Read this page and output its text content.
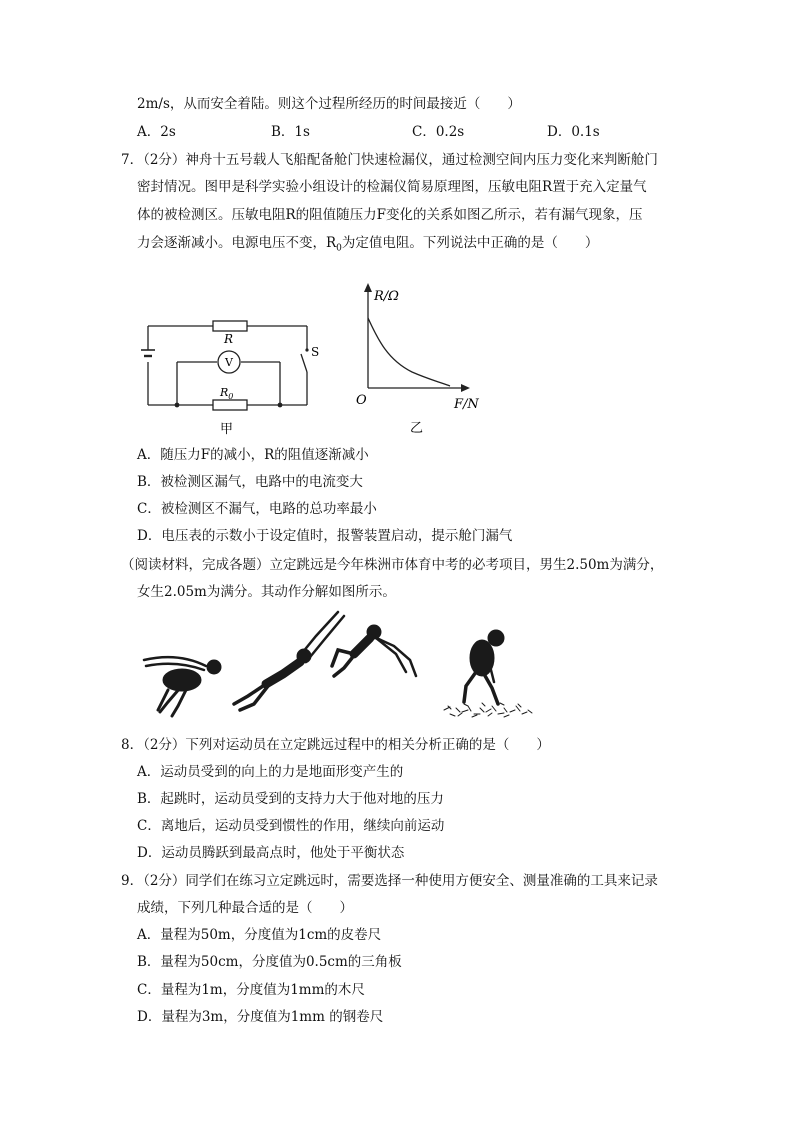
2m/s，从而安全着陆。则这个过程所经历的时间最接近（　　）
A．2s	B．1s	C．0.2s	D．0.1s
7．（2分）神舟十五号载人飞船配备舱门快速检漏仪，通过检测空间内压力变化来判断舱门
密封情况。图甲是科学实验小组设计的检漏仪简易原理图，压敏电阻R置于充入定量气
体的被检测区。压敏电阻R的阻值随压力F变化的关系如图乙所示，若有漏气现象，压
力会逐渐减小。电源电压不变，$R_0$为定值电阻。下列说法中正确的是（　　）
R
V
$R_0$
S
甲
R/Ω
F/N
O
乙
A．随压力F的减小，R的阻值逐渐减小
B．被检测区漏气，电路中的电流变大
C．被检测区不漏气，电路的总功率最小
D．电压表的示数小于设定值时，报警装置启动，提示舱门漏气
（阅读材料，完成各题）立定跳远是今年株洲市体育中考的必考项目，男生2.50m为满分，
女生2.05m为满分。其动作分解如图所示。
8．（2分）下列对运动员在立定跳远过程中的相关分析正确的是（　　）
A．运动员受到的向上的力是地面形变产生的
B．起跳时，运动员受到的支持力大于他对地的压力
C．离地后，运动员受到惯性的作用，继续向前运动
D．运动员腾跃到最高点时，他处于平衡状态
9．（2分）同学们在练习立定跳远时，需要选择一种使用方便安全、测量准确的工具来记录
成绩，下列几种最合适的是（　　）
A．量程为50m，分度值为1cm的皮卷尺
B．量程为50cm，分度值为0.5cm的三角板
C．量程为1m，分度值为1mm的木尺
D．量程为3m，分度值为1mm 的钢卷尺
